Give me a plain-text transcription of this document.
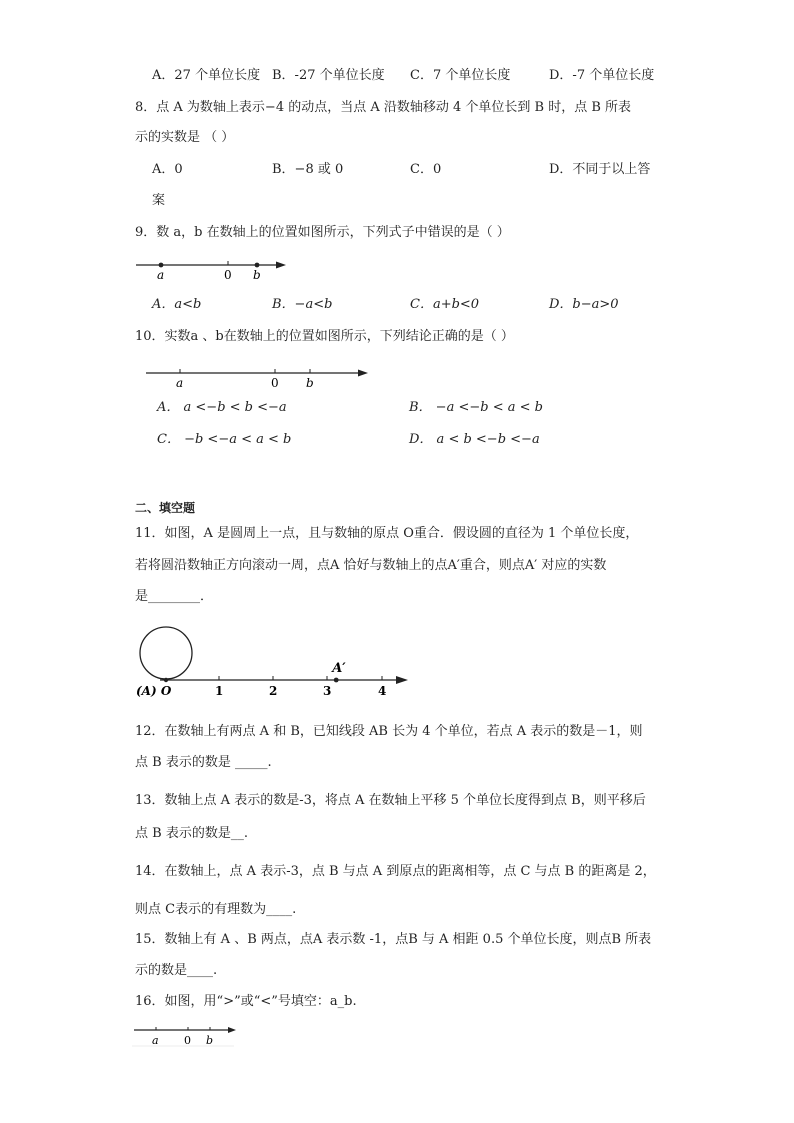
A．27 个单位长度 B．-27 个单位长度 C．7 个单位长度	D．-7 个单位长度
8．点 A 为数轴上表示−4 的动点，当点 A 沿数轴移动 4 个单位长到 B 时，点 B 所表
示的实数是 （ ）
A．0	B．−8 或 0	C．0	D．不同于以上答
案
9．数 a，b 在数轴上的位置如图所示，下列式子中错误的是（ ）
a	0 b
A．a<b	B．−a<b	C．a+b<0	D．b−a>0
10．实数a 、b在数轴上的位置如图所示，下列结论正确的是（ ）
a	0 b
A． a <−b < b <−a	B． −a <−b < a < b
C． −b <−a < a < b	D． a < b <−b <−a
二、填空题
11．如图，A 是圆周上一点，且与数轴的原点 O重合．假设圆的直径为 1 个单位长度，
若将圆沿数轴正方向滚动一周，点A 恰好与数轴上的点A′重合，则点A′ 对应的实数
是________．
A′
(A) O	1	2	3	4
12．在数轴上有两点 A 和 B，已知线段 AB 长为 4 个单位，若点 A 表示的数是－1，则
点 B 表示的数是 _____.
13．数轴上点 A 表示的数是-3，将点 A 在数轴上平移 5 个单位长度得到点 B，则平移后
点 B 表示的数是__.
14．在数轴上，点 A 表示-3，点 B 与点 A 到原点的距离相等，点 C 与点 B 的距离是 2，
则点 C表示的有理数为____.
15．数轴上有 A 、B 两点，点A 表示数 -1，点B 与 A 相距 0.5 个单位长度，则点B 所表
示的数是____.
16．如图，用“>”或“<”号填空：a_b.
a 0 b
